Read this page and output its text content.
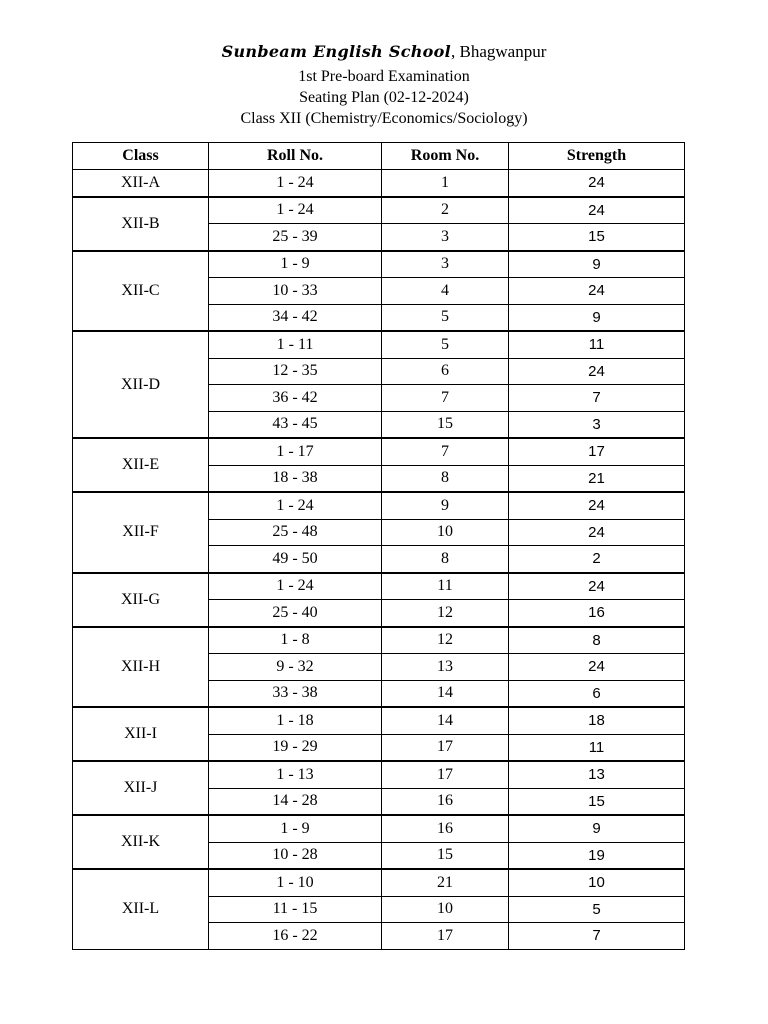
Sunbeam English School, Bhagwanpur
1st Pre-board Examination
Seating Plan (02-12-2024)
Class XII (Chemistry/Economics/Sociology)
Class	Roll No.	Room No.	Strength
XII-A	1 - 24	1	24
XII-B	1 - 24	2	24
	25 - 39	3	15
XII-C	1 - 9	3	9
	10 - 33	4	24
	34 - 42	5	9
XII-D	1 - 11	5	11
	12 - 35	6	24
	36 - 42	7	7
	43 - 45	15	3
XII-E	1 - 17	7	17
	18 - 38	8	21
XII-F	1 - 24	9	24
	25 - 48	10	24
	49 - 50	8	2
XII-G	1 - 24	11	24
	25 - 40	12	16
XII-H	1 - 8	12	8
	9 - 32	13	24
	33 - 38	14	6
XII-I	1 - 18	14	18
	19 - 29	17	11
XII-J	1 - 13	17	13
	14 - 28	16	15
XII-K	1 - 9	16	9
	10 - 28	15	19
XII-L	1 - 10	21	10
	11 - 15	10	5
	16 - 22	17	7
